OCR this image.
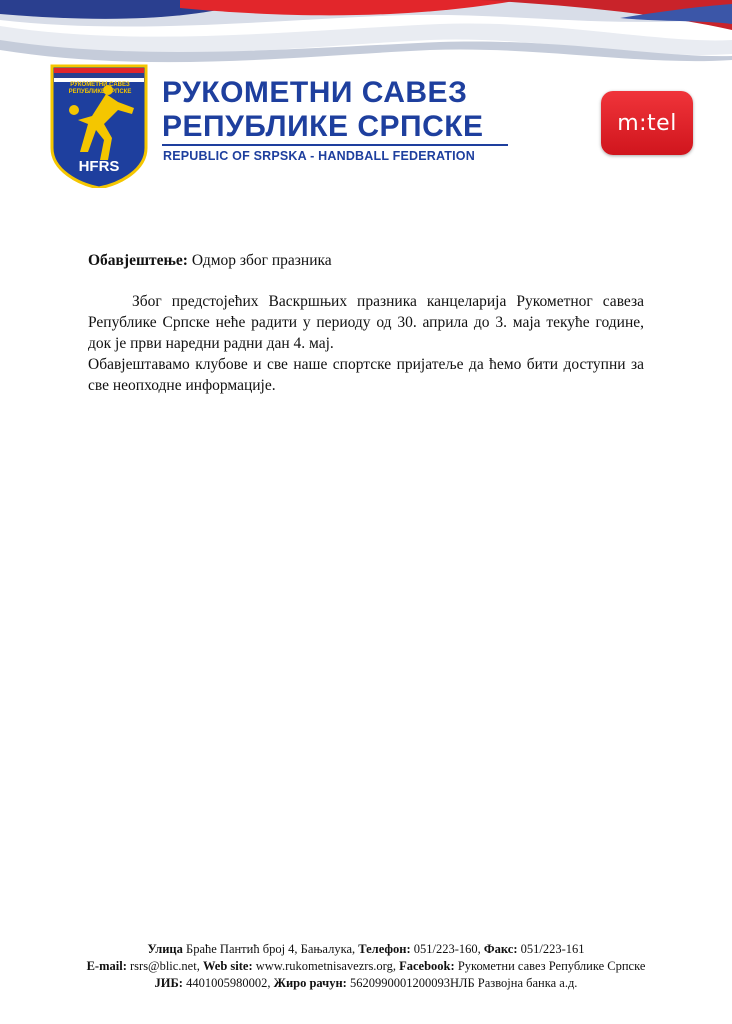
РУКОМЕТНИ САВЕЗ РЕПУБЛИКЕ СРПСКЕ
HFRS
РУКОМЕТНИ САВЕЗ
РЕПУБЛИКЕ СРПСКЕ
REPUBLIC OF SRPSKA - HANDBALL FEDERATION
m:tel

Обавјештење: Одмор због празника

Због предстојећих Васкршњих празника канцеларија Рукометног савеза Републике Српске неће радити у периоду од 30. априла до 3. маја текуће године, док је први наредни радни дан 4. мај.

Обавјештавамо клубове и све наше спортске пријатеље да ћемо бити доступни за све неопходне информације.

Улица Браће Пантић број 4, Бањалука, Телефон: 051/223-160, Факс: 051/223-161
E-mail: rsrs@blic.net, Web site: www.rukometnisavezrs.org, Facebook: Рукометни савез Републике Српске
ЈИБ: 4401005980002, Жиро рачун: 5620990001200093НЛБ Развојна банка а.д.
